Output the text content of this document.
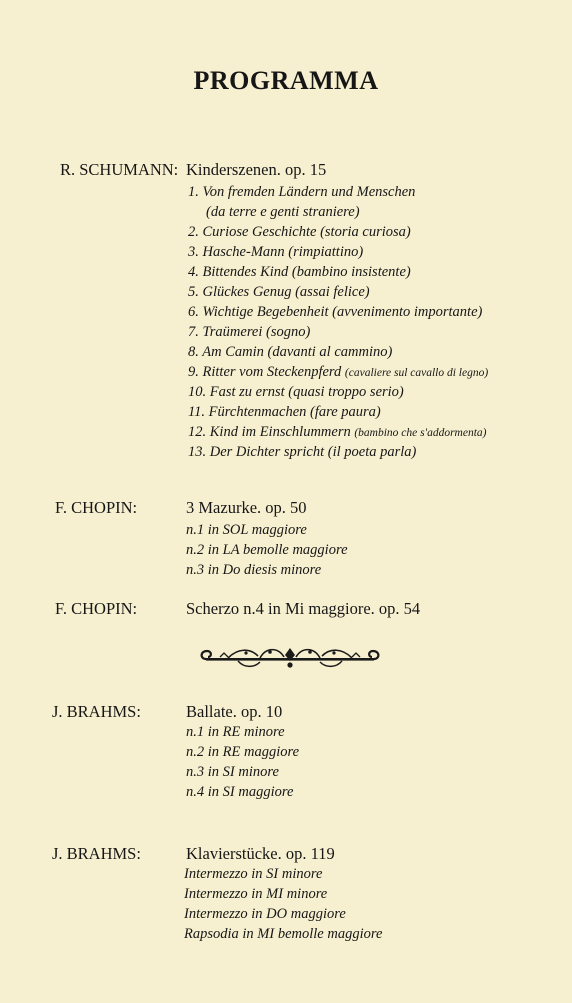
PROGRAMMA
R. SCHUMANN: Kinderszenen. op. 15
1. Von fremden Ländern und Menschen
(da terre e genti straniere)
2. Curiose Geschichte (storia curiosa)
3. Hasche-Mann (rimpiattino)
4. Bittendes Kind (bambino insistente)
5. Glückes Genug (assai felice)
6. Wichtige Begebenheit (avvenimento importante)
7. Traümerei (sogno)
8. Am Camin (davanti al cammino)
9. Ritter vom Steckenpferd (cavaliere sul cavallo di legno)
10. Fast zu ernst (quasi troppo serio)
11. Fürchtenmachen (fare paura)
12. Kind im Einschlummern (bambino che s'addormenta)
13. Der Dichter spricht (il poeta parla)
F. CHOPIN:	3 Mazurke. op. 50
n.1 in SOL maggiore
n.2 in LA bemolle maggiore
n.3 in Do diesis minore
F. CHOPIN:	Scherzo n.4 in Mi maggiore. op. 54
J. BRAHMS:	Ballate. op. 10
n.1 in RE minore
n.2 in RE maggiore
n.3 in SI minore
n.4 in SI maggiore
J. BRAHMS:	Klavierstücke. op. 119
Intermezzo in SI minore
Intermezzo in MI minore
Intermezzo in DO maggiore
Rapsodia in MI bemolle maggiore
